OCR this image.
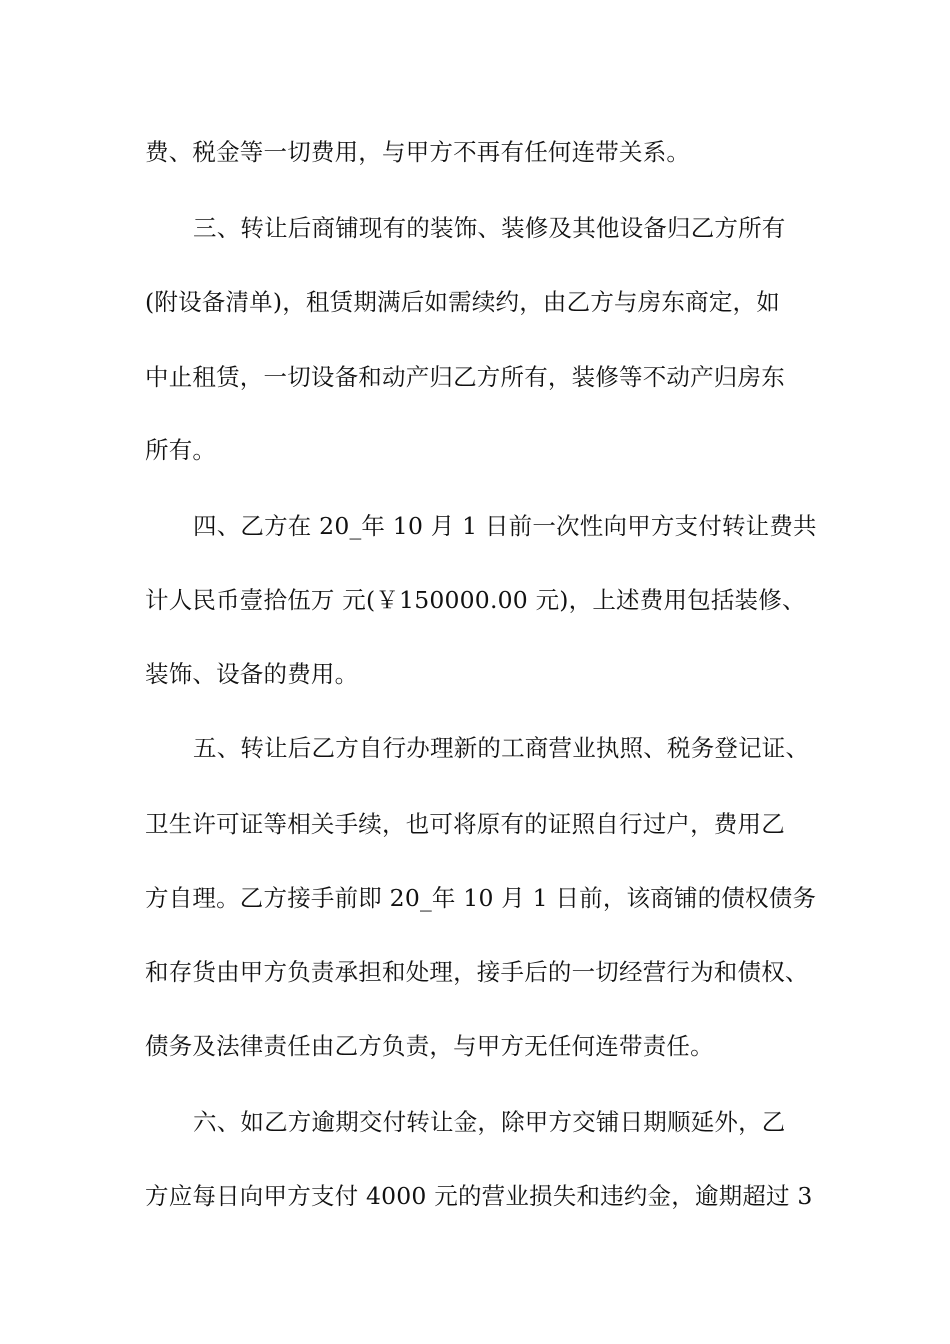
费、税金等一切费用，与甲方不再有任何连带关系。
三、转让后商铺现有的装饰、装修及其他设备归乙方所有
(附设备清单)，租赁期满后如需续约，由乙方与房东商定，如
中止租赁，一切设备和动产归乙方所有，装修等不动产归房东
所有。
四、乙方在 20_年 10 月 1 日前一次性向甲方支付转让费共
计人民币壹拾伍万 元(￥150000.00 元)，上述费用包括装修、
装饰、设备的费用。
五、转让后乙方自行办理新的工商营业执照、税务登记证、
卫生许可证等相关手续，也可将原有的证照自行过户，费用乙
方自理。乙方接手前即 20_年 10 月 1 日前，该商铺的债权债务
和存货由甲方负责承担和处理，接手后的一切经营行为和债权、
债务及法律责任由乙方负责，与甲方无任何连带责任。
六、如乙方逾期交付转让金，除甲方交铺日期顺延外，乙
方应每日向甲方支付 4000 元的营业损失和违约金，逾期超过 3
